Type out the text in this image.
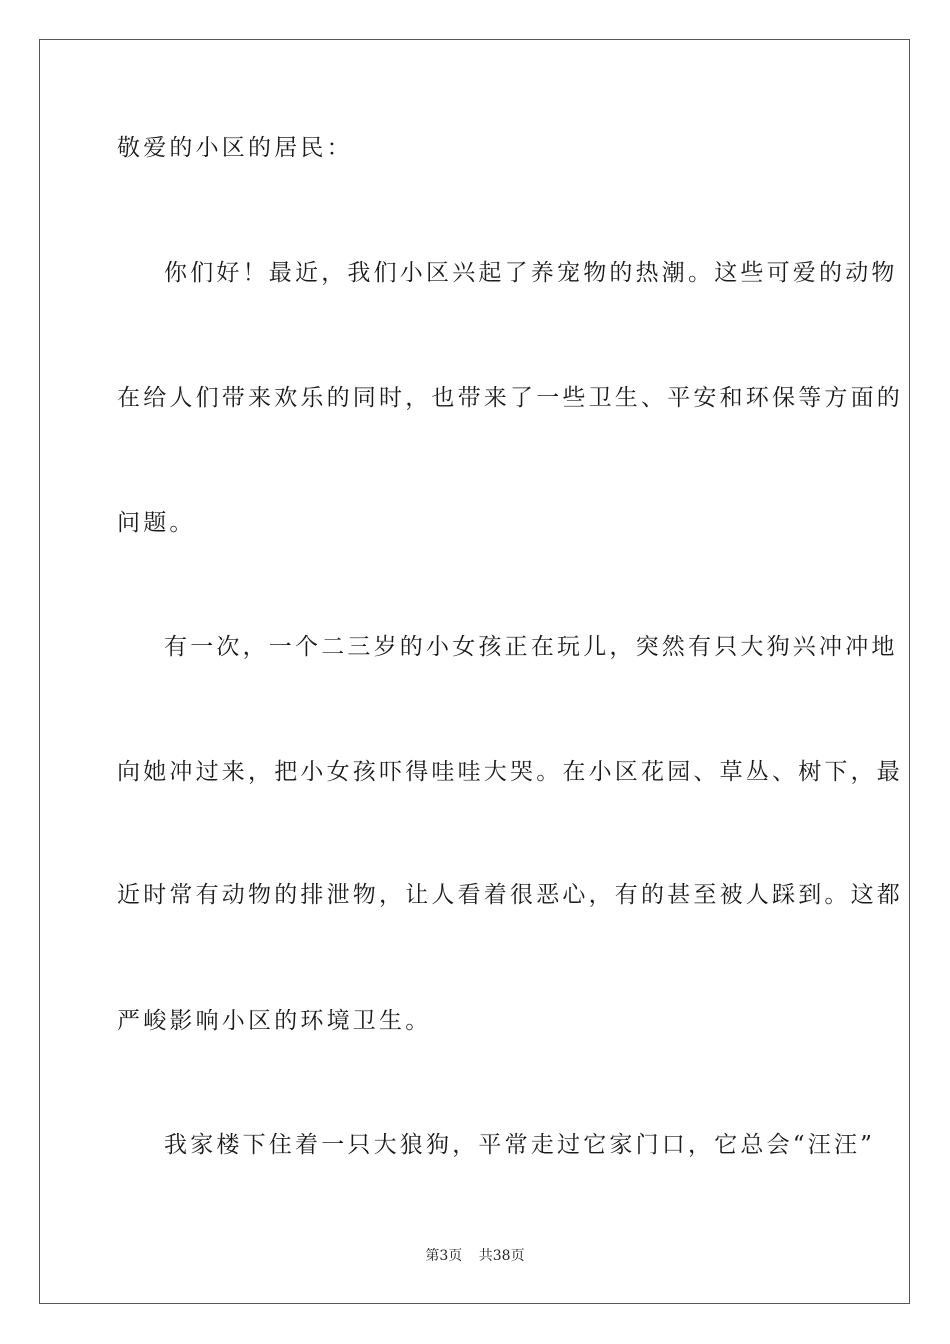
敬爱的小区的居民：
你们好！最近，我们小区兴起了养宠物的热潮。这些可爱的动物
在给人们带来欢乐的同时，也带来了一些卫生、平安和环保等方面的
问题。
有一次，一个二三岁的小女孩正在玩儿，突然有只大狗兴冲冲地
向她冲过来，把小女孩吓得哇哇大哭。在小区花园、草丛、树下，最
近时常有动物的排泄物，让人看着很恶心，有的甚至被人踩到。这都
严峻影响小区的环境卫生。
我家楼下住着一只大狼狗，平常走过它家门口，它总会“汪汪”
第3页 共38页
